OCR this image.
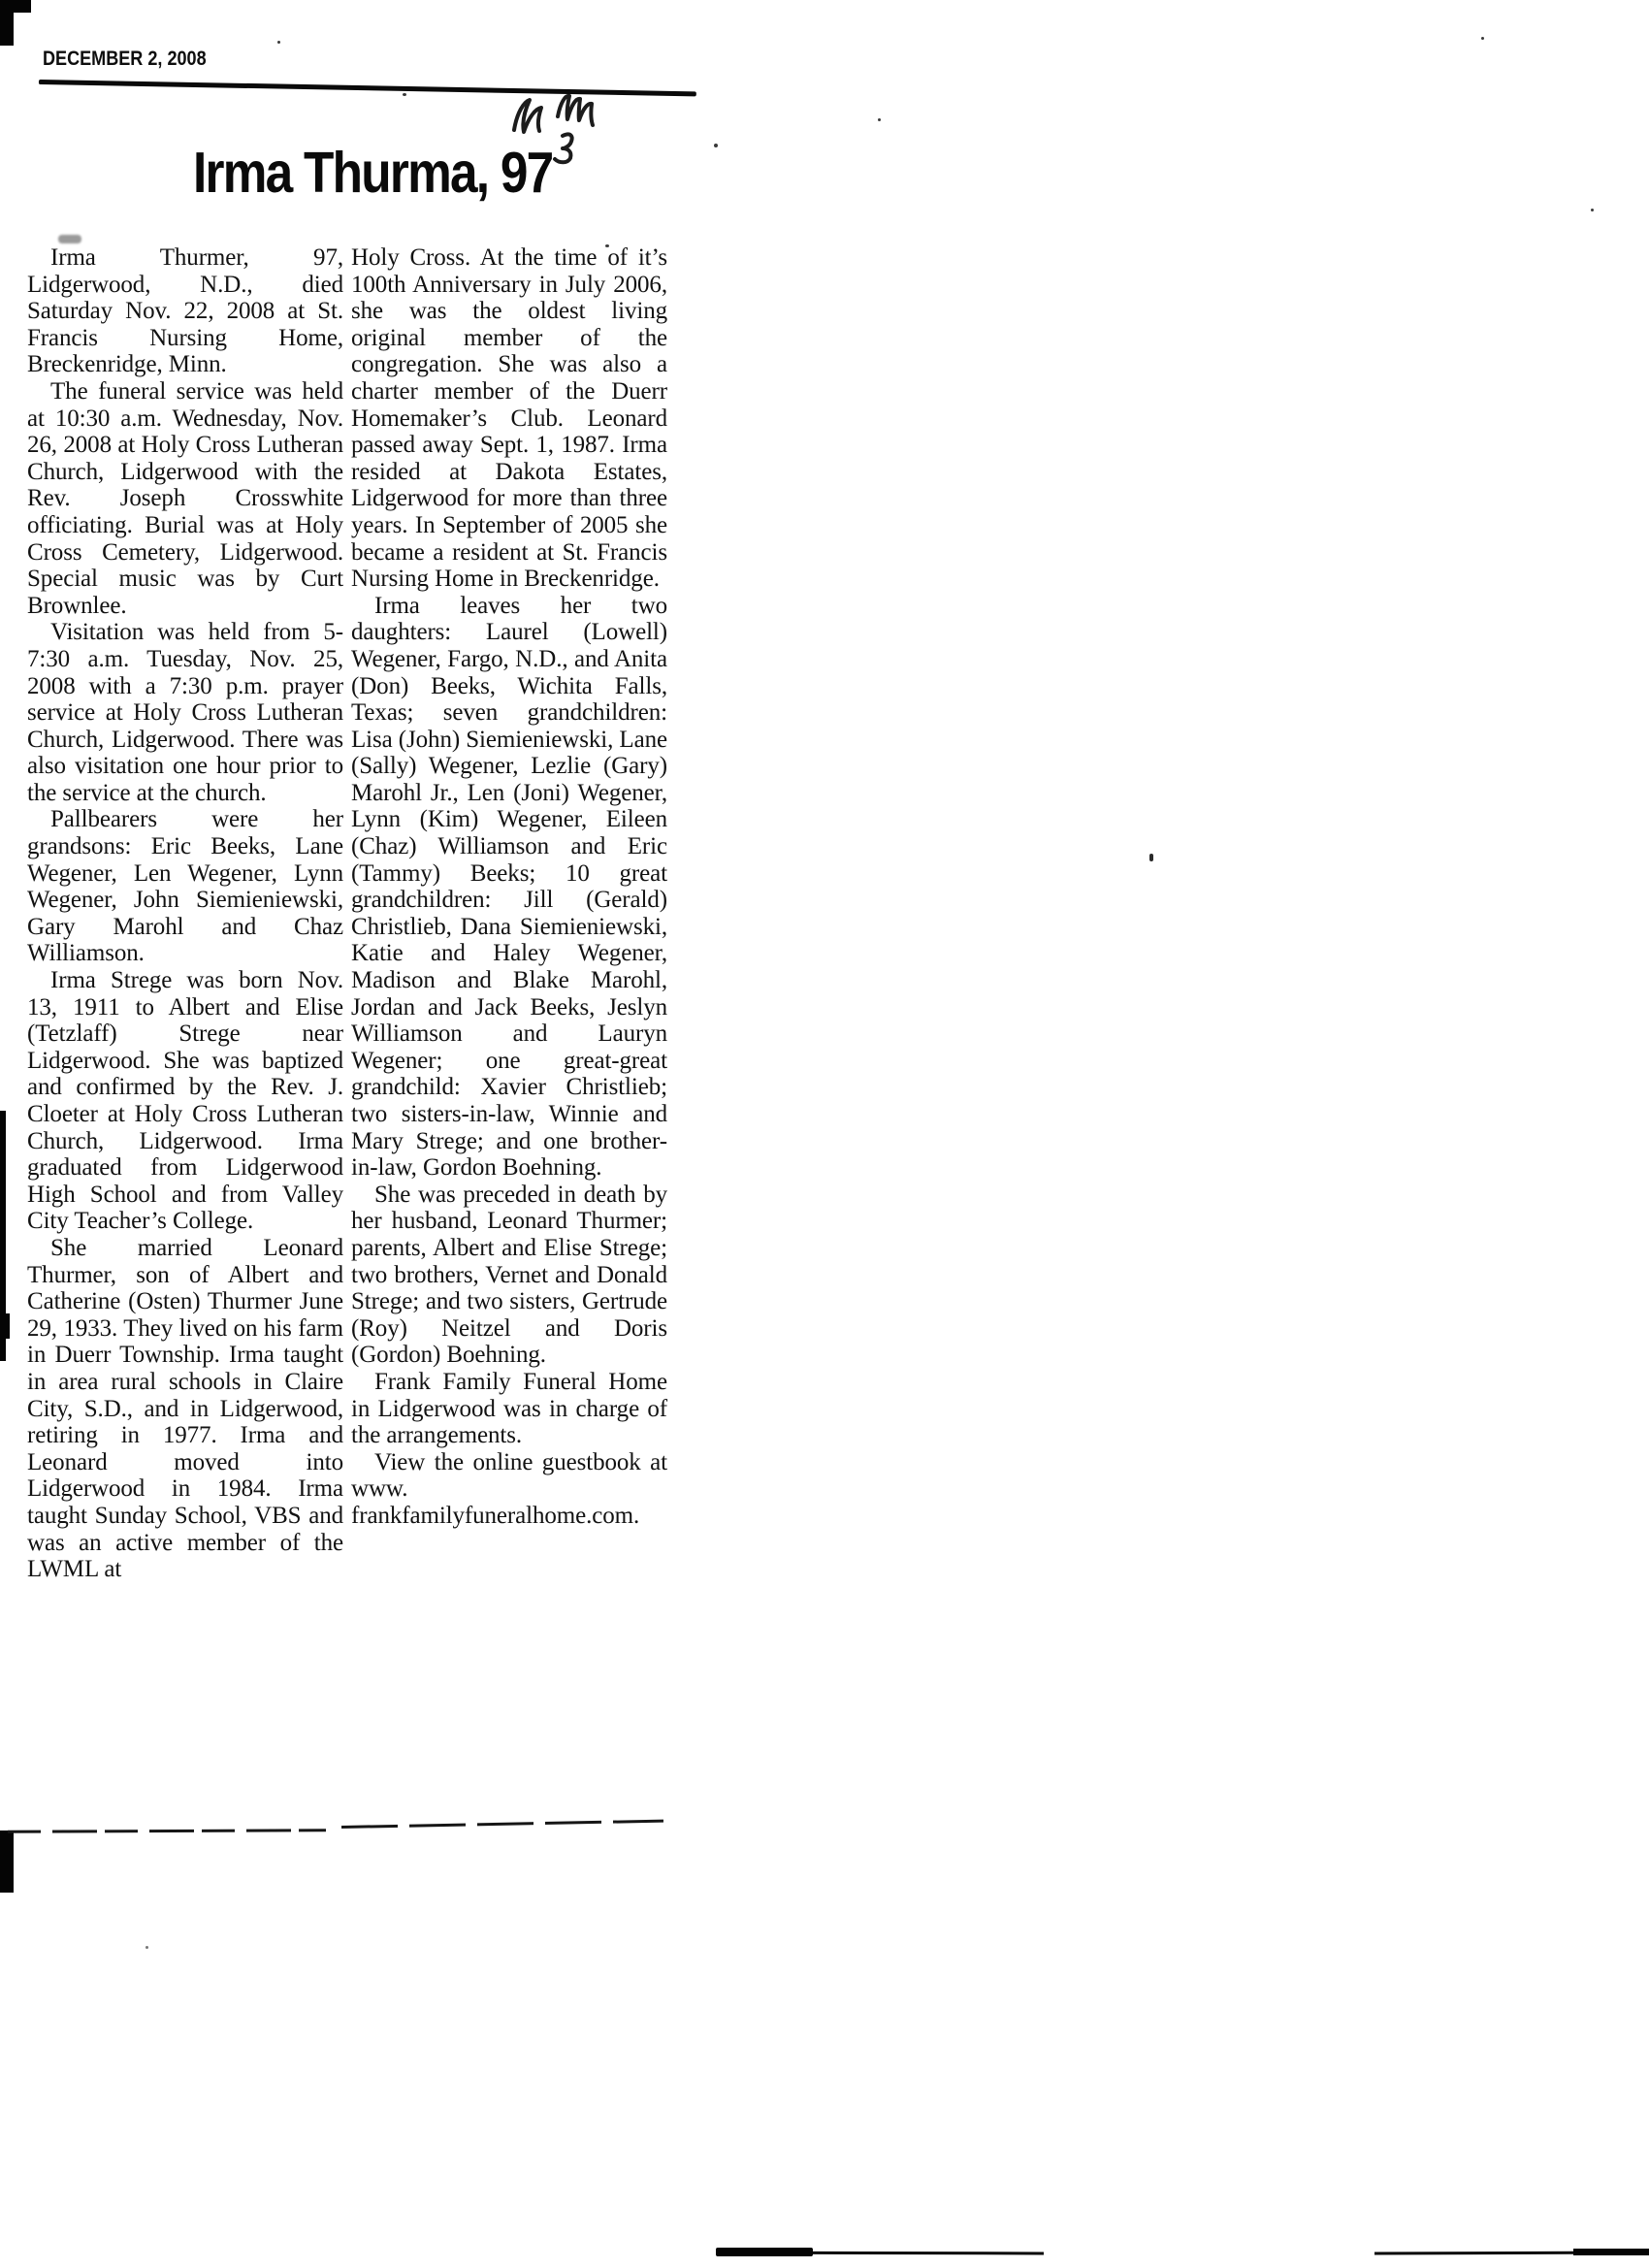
DECEMBER 2, 2008
Irma Thurma, 97

Irma Thurmer, 97, Lidgerwood, N.D., died Saturday Nov. 22, 2008 at St. Francis Nursing Home, Breckenridge, Minn.

The funeral service was held at 10:30 a.m. Wednesday, Nov. 26, 2008 at Holy Cross Lutheran Church, Lidgerwood with the Rev. Joseph Crosswhite officiating. Burial was at Holy Cross Cemetery, Lidgerwood. Special music was by Curt Brownlee.

Visitation was held from 5-7:30 a.m. Tuesday, Nov. 25, 2008 with a 7:30 p.m. prayer service at Holy Cross Lutheran Church, Lidgerwood. There was also visitation one hour prior to the service at the church.

Pallbearers were her grandsons: Eric Beeks, Lane Wegener, Len Wegener, Lynn Wegener, John Siemieniewski, Gary Marohl and Chaz Williamson.

Irma Strege was born Nov. 13, 1911 to Albert and Elise (Tetzlaff) Strege near Lidgerwood. She was baptized and confirmed by the Rev. J. Cloeter at Holy Cross Lutheran Church, Lidgerwood. Irma graduated from Lidgerwood High School and from Valley City Teacher’s College.

She married Leonard Thurmer, son of Albert and Catherine (Osten) Thurmer June 29, 1933. They lived on his farm in Duerr Township. Irma taught in area rural schools in Claire City, S.D., and in Lidgerwood, retiring in 1977. Irma and Leonard moved into Lidgerwood in 1984. Irma taught Sunday School, VBS and was an active member of the LWML at

Holy Cross. At the time of it’s 100th Anniversary in July 2006, she was the oldest living original member of the congregation. She was also a charter member of the Duerr Homemaker’s Club. Leonard passed away Sept. 1, 1987. Irma resided at Dakota Estates, Lidgerwood for more than three years. In September of 2005 she became a resident at St. Francis Nursing Home in Breckenridge.

Irma leaves her two daughters: Laurel (Lowell) Wegener, Fargo, N.D., and Anita (Don) Beeks, Wichita Falls, Texas; seven grandchildren: Lisa (John) Siemieniewski, Lane (Sally) Wegener, Lezlie (Gary) Marohl Jr., Len (Joni) Wegener, Lynn (Kim) Wegener, Eileen (Chaz) Williamson and Eric (Tammy) Beeks; 10 great grandchildren: Jill (Gerald) Christlieb, Dana Siemieniewski, Katie and Haley Wegener, Madison and Blake Marohl, Jordan and Jack Beeks, Jeslyn Williamson and Lauryn Wegener; one great-great grandchild: Xavier Christlieb; two sisters-in-law, Winnie and Mary Strege; and one brother-in-law, Gordon Boehning.

She was preceded in death by her husband, Leonard Thurmer; parents, Albert and Elise Strege; two brothers, Vernet and Donald Strege; and two sisters, Gertrude (Roy) Neitzel and Doris (Gordon) Boehning.

Frank Family Funeral Home in Lidgerwood was in charge of the arrangements.

View the online guestbook at www. frankfamilyfuneralhome.com.
